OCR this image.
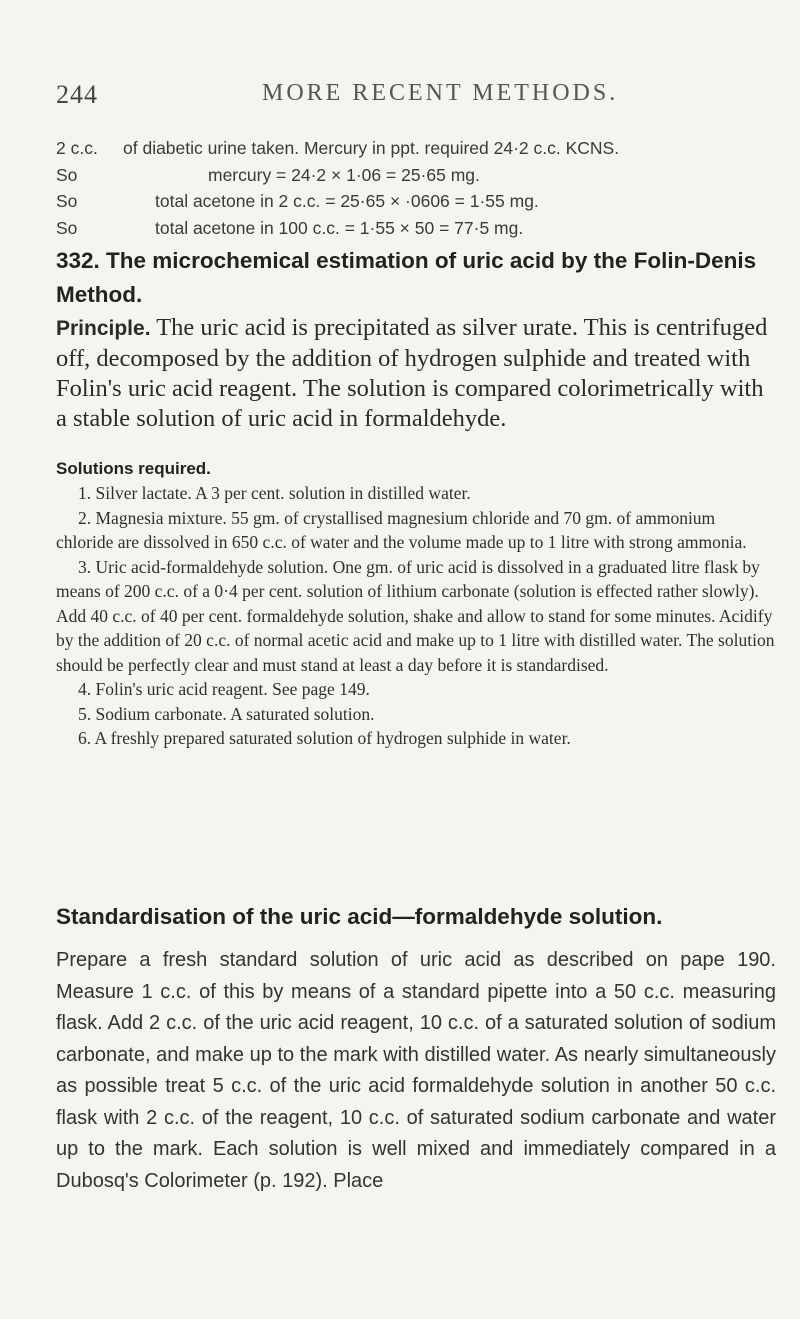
244	MORE RECENT METHODS.
2 c.c. of diabetic urine taken. Mercury in ppt. required 24·2 c.c. KCNS.
So	mercury = 24·2 × 1·06 = 25·65 mg.
So	total acetone in 2 c.c. = 25·65 × ·0606 = 1·55 mg.
So	total acetone in 100 c.c. = 1·55 × 50 = 77·5 mg.
332. The microchemical estimation of uric acid by the Folin-Denis Method.
Principle. The uric acid is precipitated as silver urate. This is centrifuged off, decomposed by the addition of hydrogen sulphide and treated with Folin's uric acid reagent. The solution is compared colorimetrically with a stable solution of uric acid in formaldehyde.
Solutions required.

1. Silver lactate. A 3 per cent. solution in distilled water.

2. Magnesia mixture. 55 gm. of crystallised magnesium chloride and 70 gm. of ammonium chloride are dissolved in 650 c.c. of water and the volume made up to 1 litre with strong ammonia.

3. Uric acid-formaldehyde solution. One gm. of uric acid is dissolved in a graduated litre flask by means of 200 c.c. of a 0·4 per cent. solution of lithium carbonate (solution is effected rather slowly). Add 40 c.c. of 40 per cent. formaldehyde solution, shake and allow to stand for some minutes. Acidify by the addition of 20 c.c. of normal acetic acid and make up to 1 litre with distilled water. The solution should be perfectly clear and must stand at least a day before it is standardised.

4. Folin's uric acid reagent. See page 149.

5. Sodium carbonate. A saturated solution.

6. A freshly prepared saturated solution of hydrogen sulphide in water.

Standardisation of the uric acid—formaldehyde solution.
Prepare a fresh standard solution of uric acid as described on pape 190. Measure 1 c.c. of this by means of a standard pipette into a 50 c.c. measuring flask. Add 2 c.c. of the uric acid reagent, 10 c.c. of a saturated solution of sodium carbonate, and make up to the mark with distilled water. As nearly simultaneously as possible treat 5 c.c. of the uric acid formaldehyde solution in another 50 c.c. flask with 2 c.c. of the reagent, 10 c.c. of saturated sodium carbonate and water up to the mark. Each solution is well mixed and immediately compared in a Dubosq's Colorimeter (p. 192). Place
